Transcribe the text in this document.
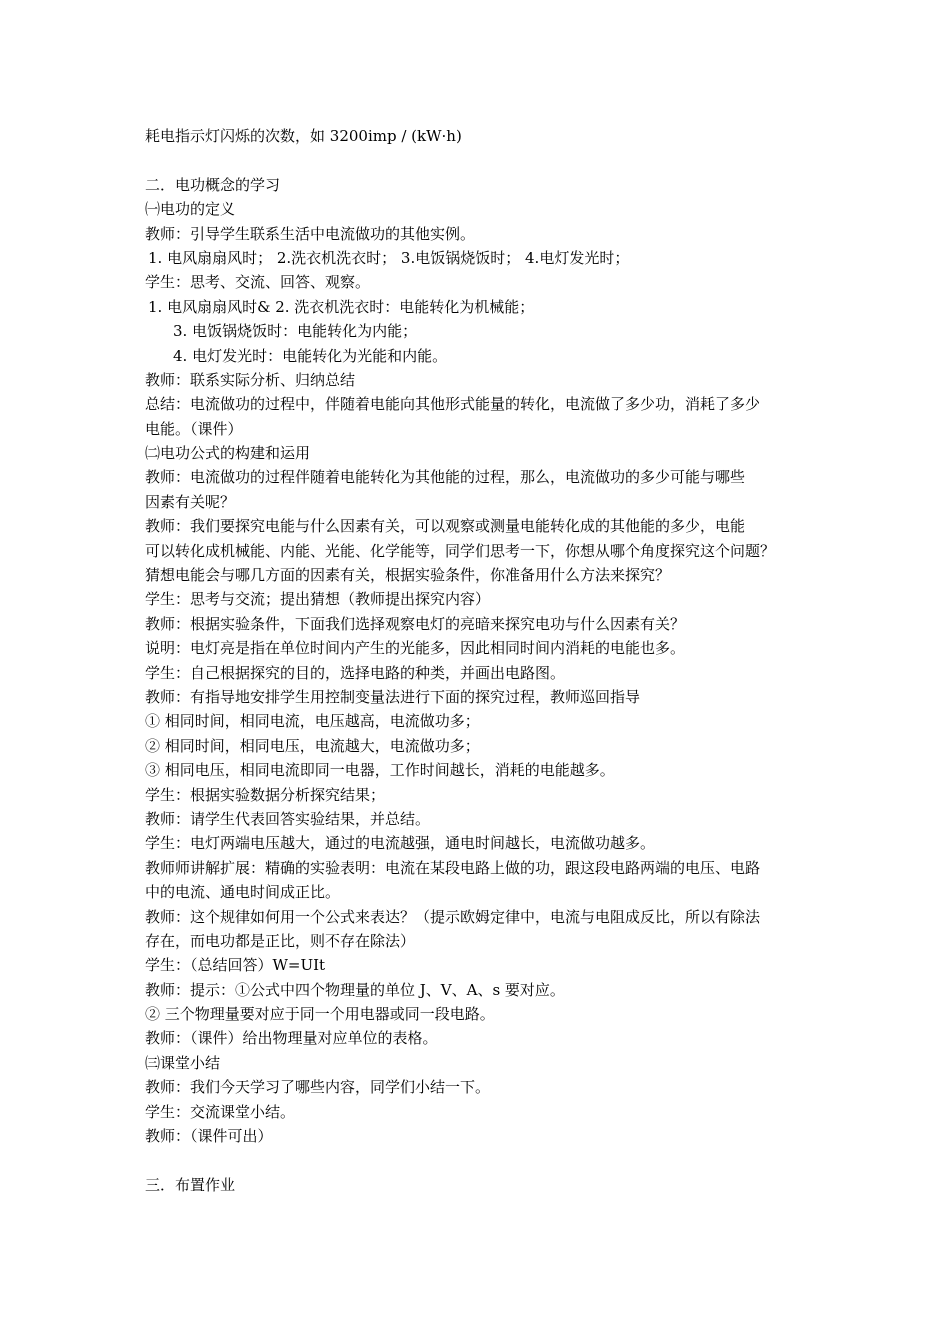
耗电指示灯闪烁的次数，如 3200imp / (kW·h)
二．电功概念的学习
㈠电功的定义
教师：引导学生联系生活中电流做功的其他实例。
1. 电风扇扇风时； 2.洗衣机洗衣时； 3.电饭锅烧饭时； 4.电灯发光时；
学生：思考、交流、回答、观察。
1. 电风扇扇风时& 2. 洗衣机洗衣时：电能转化为机械能；
3. 电饭锅烧饭时：电能转化为内能；
4. 电灯发光时：电能转化为光能和内能。
教师：联系实际分析、归纳总结
总结：电流做功的过程中，伴随着电能向其他形式能量的转化，电流做了多少功，消耗了多少
电能。（课件）
㈡电功公式的构建和运用
教师：电流做功的过程伴随着电能转化为其他能的过程，那么，电流做功的多少可能与哪些
因素有关呢？
教师：我们要探究电能与什么因素有关，可以观察或测量电能转化成的其他能的多少，电能
可以转化成机械能、内能、光能、化学能等，同学们思考一下，你想从哪个角度探究这个问题？
猜想电能会与哪几方面的因素有关，根据实验条件，你准备用什么方法来探究？
学生：思考与交流；提出猜想（教师提出探究内容）
教师：根据实验条件，下面我们选择观察电灯的亮暗来探究电功与什么因素有关？
说明：电灯亮是指在单位时间内产生的光能多，因此相同时间内消耗的电能也多。
学生：自己根据探究的目的，选择电路的种类，并画出电路图。
教师：有指导地安排学生用控制变量法进行下面的探究过程，教师巡回指导
① 相同时间，相同电流，电压越高，电流做功多；
② 相同时间，相同电压，电流越大，电流做功多；
③ 相同电压，相同电流即同一电器，工作时间越长，消耗的电能越多。
学生：根据实验数据分析探究结果；
教师：请学生代表回答实验结果，并总结。
学生：电灯两端电压越大，通过的电流越强，通电时间越长，电流做功越多。
教师师讲解扩展：精确的实验表明：电流在某段电路上做的功，跟这段电路两端的电压、电路
中的电流、通电时间成正比。
教师：这个规律如何用一个公式来表达？（提示欧姆定律中，电流与电阻成反比，所以有除法
存在，而电功都是正比，则不存在除法）
学生：（总结回答）W=UIt
教师：提示：①公式中四个物理量的单位 J、V、A、s 要对应。
② 三个物理量要对应于同一个用电器或同一段电路。
教师：（课件）给出物理量对应单位的表格。
㈢课堂小结
教师：我们今天学习了哪些内容，同学们小结一下。
学生：交流课堂小结。
教师：（课件可出）
三．布置作业
